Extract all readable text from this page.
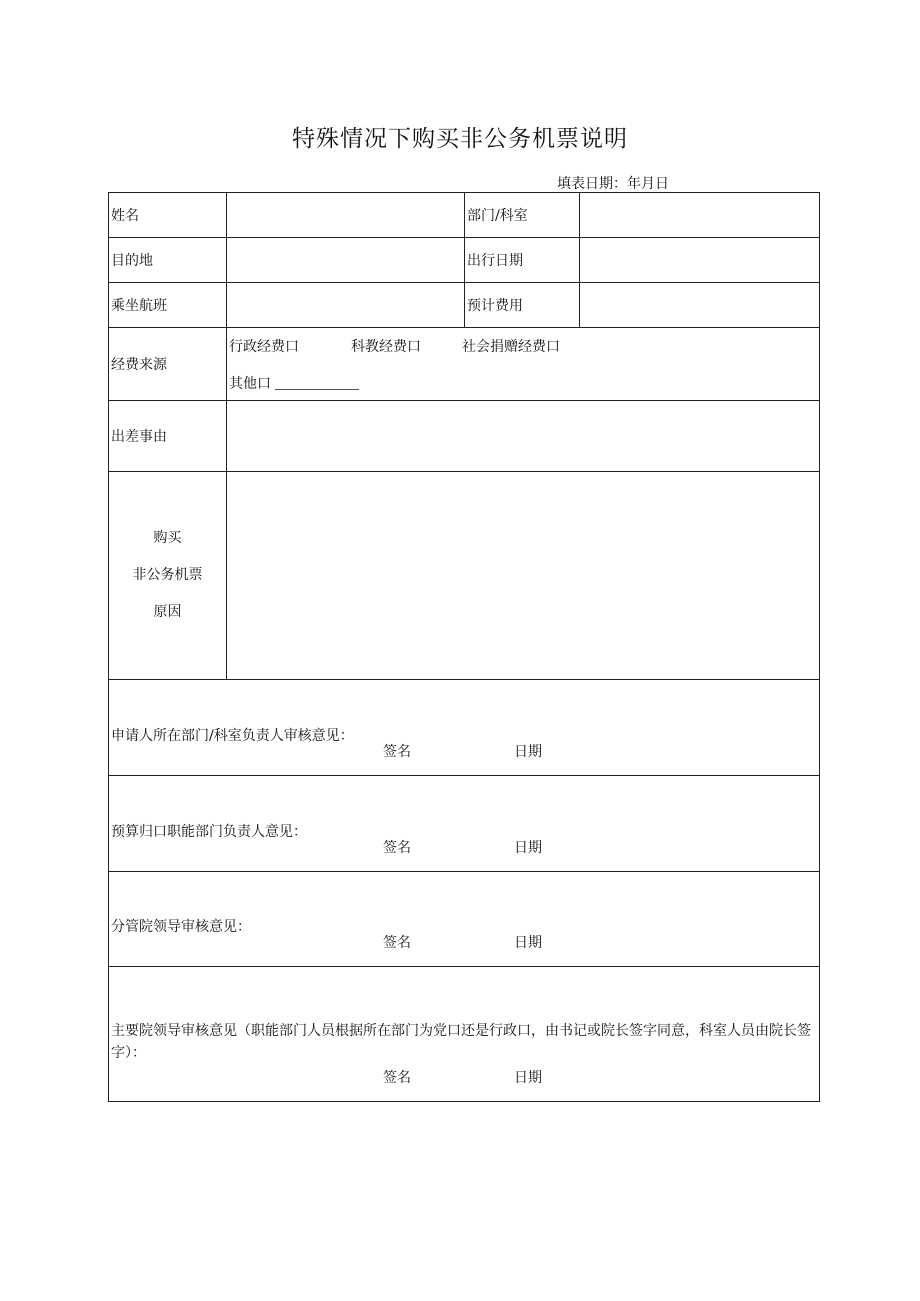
特殊情况下购买非公务机票说明
填表日期：年月日
姓名		部门/科室	
目的地		出行日期	
乘坐航班		预计费用	
经费来源	行政经费口 科教经费口 社会捐赠经费口
其他口		

出差事由			

购买
非公务机票
原因			

申请人所在部门/科室负责人审核意见：
签名 日期			

预算归口职能部门负责人意见：
签名 日期			

分管院领导审核意见：
签名 日期			

主要院领导审核意见（职能部门人员根据所在部门为党口还是行政口，由书记或院长签字同意，科室人员由院长签字）：
签名 日期			
